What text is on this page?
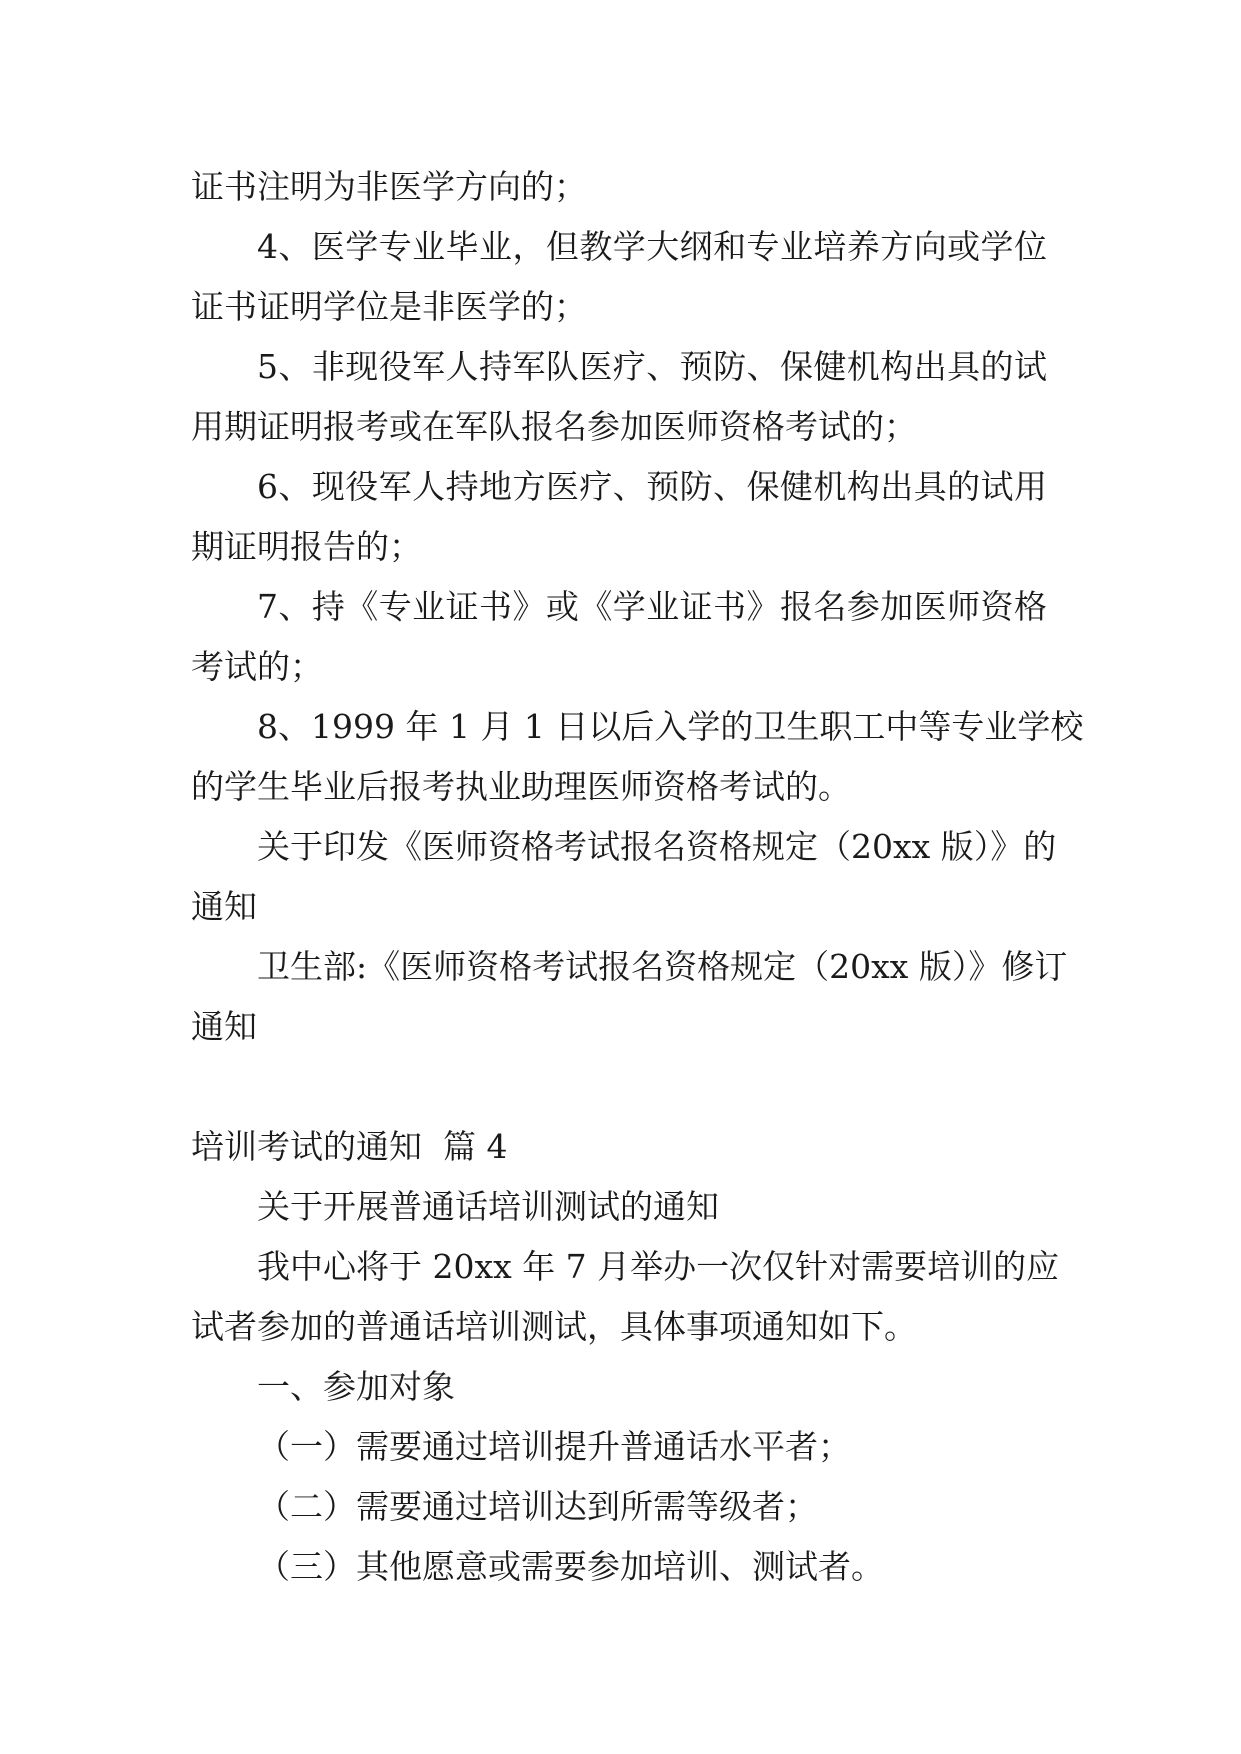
证书注明为非医学方向的；

4、医学专业毕业，但教学大纲和专业培养方向或学位

证书证明学位是非医学的；

5、非现役军人持军队医疗、预防、保健机构出具的试

用期证明报考或在军队报名参加医师资格考试的；

6、现役军人持地方医疗、预防、保健机构出具的试用

期证明报告的；

7、持《专业证书》或《学业证书》报名参加医师资格

考试的；

8、1999 年 1 月 1 日以后入学的卫生职工中等专业学校

的学生毕业后报考执业助理医师资格考试的。

关于印发《医师资格考试报名资格规定（20xx 版）》的

通知

卫生部:《医师资格考试报名资格规定（20xx 版）》修订

通知

培训考试的通知  篇 4

关于开展普通话培训测试的通知

我中心将于 20xx 年 7 月举办一次仅针对需要培训的应

试者参加的普通话培训测试，具体事项通知如下。

一、参加对象

（一）需要通过培训提升普通话水平者；

（二）需要通过培训达到所需等级者；

（三）其他愿意或需要参加培训、测试者。
